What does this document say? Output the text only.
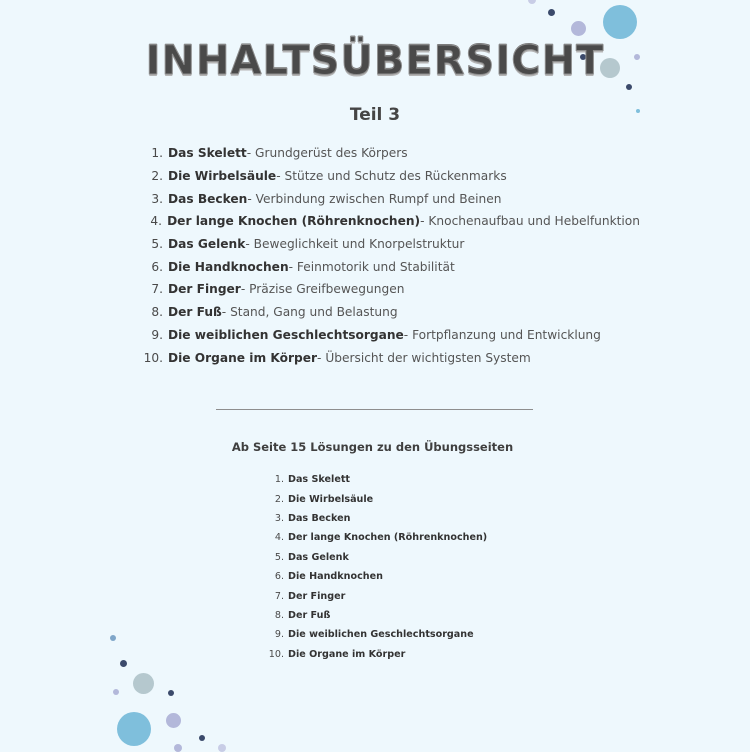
INHALTSÜBERSICHT
Teil 3
1. Das Skelett - Grundgerüst des Körpers
2. Die Wirbelsäule - Stütze und Schutz des Rückenmarks
3. Das Becken - Verbindung zwischen Rumpf und Beinen
4. Der lange Knochen (Röhrenknochen) - Knochenaufbau und Hebelfunktion
5. Das Gelenk - Beweglichkeit und Knorpelstruktur
6. Die Handknochen - Feinmotorik und Stabilität
7. Der Finger - Präzise Greifbewegungen
8. Der Fuß - Stand, Gang und Belastung
9. Die weiblichen Geschlechtsorgane - Fortpflanzung und Entwicklung
10. Die Organe im Körper - Übersicht der wichtigsten System
Ab Seite 15 Lösungen zu den Übungsseiten
1. Das Skelett
2. Die Wirbelsäule
3. Das Becken
4. Der lange Knochen (Röhrenknochen)
5. Das Gelenk
6. Die Handknochen
7. Der Finger
8. Der Fuß
9. Die weiblichen Geschlechtsorgane
10. Die Organe im Körper
